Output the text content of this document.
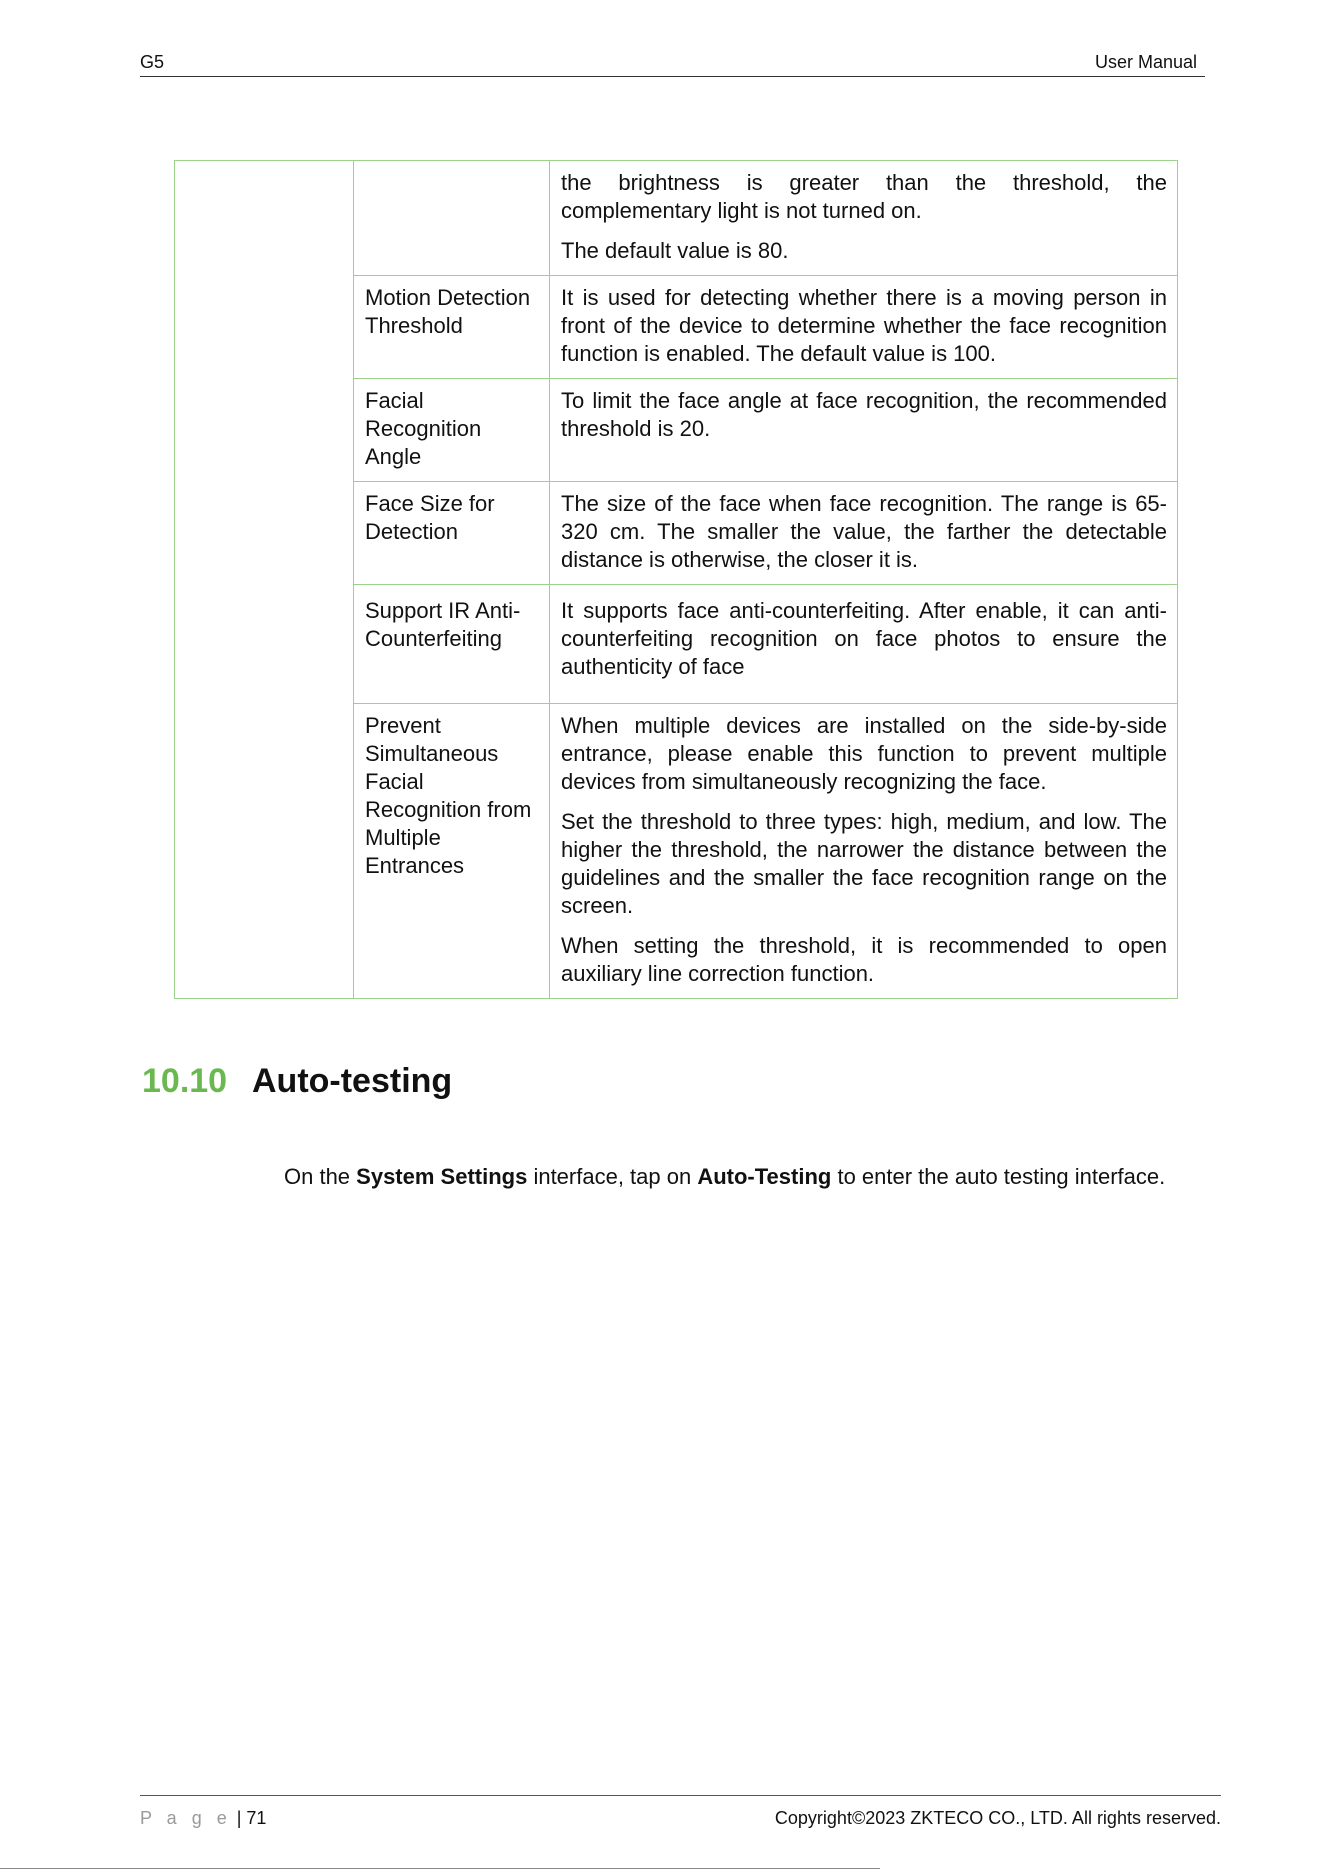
G5	User Manual

		the brightness is greater than the threshold, the complementary light is not turned on.

The default value is 80.

	Motion Detection Threshold	It is used for detecting whether there is a moving person in front of the device to determine whether the face recognition function is enabled. The default value is 100.

	Facial Recognition Angle	To limit the face angle at face recognition, the recommended threshold is 20.

	Face Size for Detection	The size of the face when face recognition. The range is 65-320 cm. The smaller the value, the farther the detectable distance is otherwise, the closer it is.

	Support IR Anti-Counterfeiting	It supports face anti-counterfeiting. After enable, it can anti-counterfeiting recognition on face photos to ensure the authenticity of face

	Prevent Simultaneous Facial Recognition from Multiple Entrances	When multiple devices are installed on the side-by-side entrance, please enable this function to prevent multiple devices from simultaneously recognizing the face.

Set the threshold to three types: high, medium, and low. The higher the threshold, the narrower the distance between the guidelines and the smaller the face recognition range on the screen.

When setting the threshold, it is recommended to open auxiliary line correction function.

10.10 Auto-testing
On the System Settings interface, tap on Auto-Testing to enter the auto testing interface.
P a g e | 71	Copyright©2023 ZKTECO CO., LTD. All rights reserved.
